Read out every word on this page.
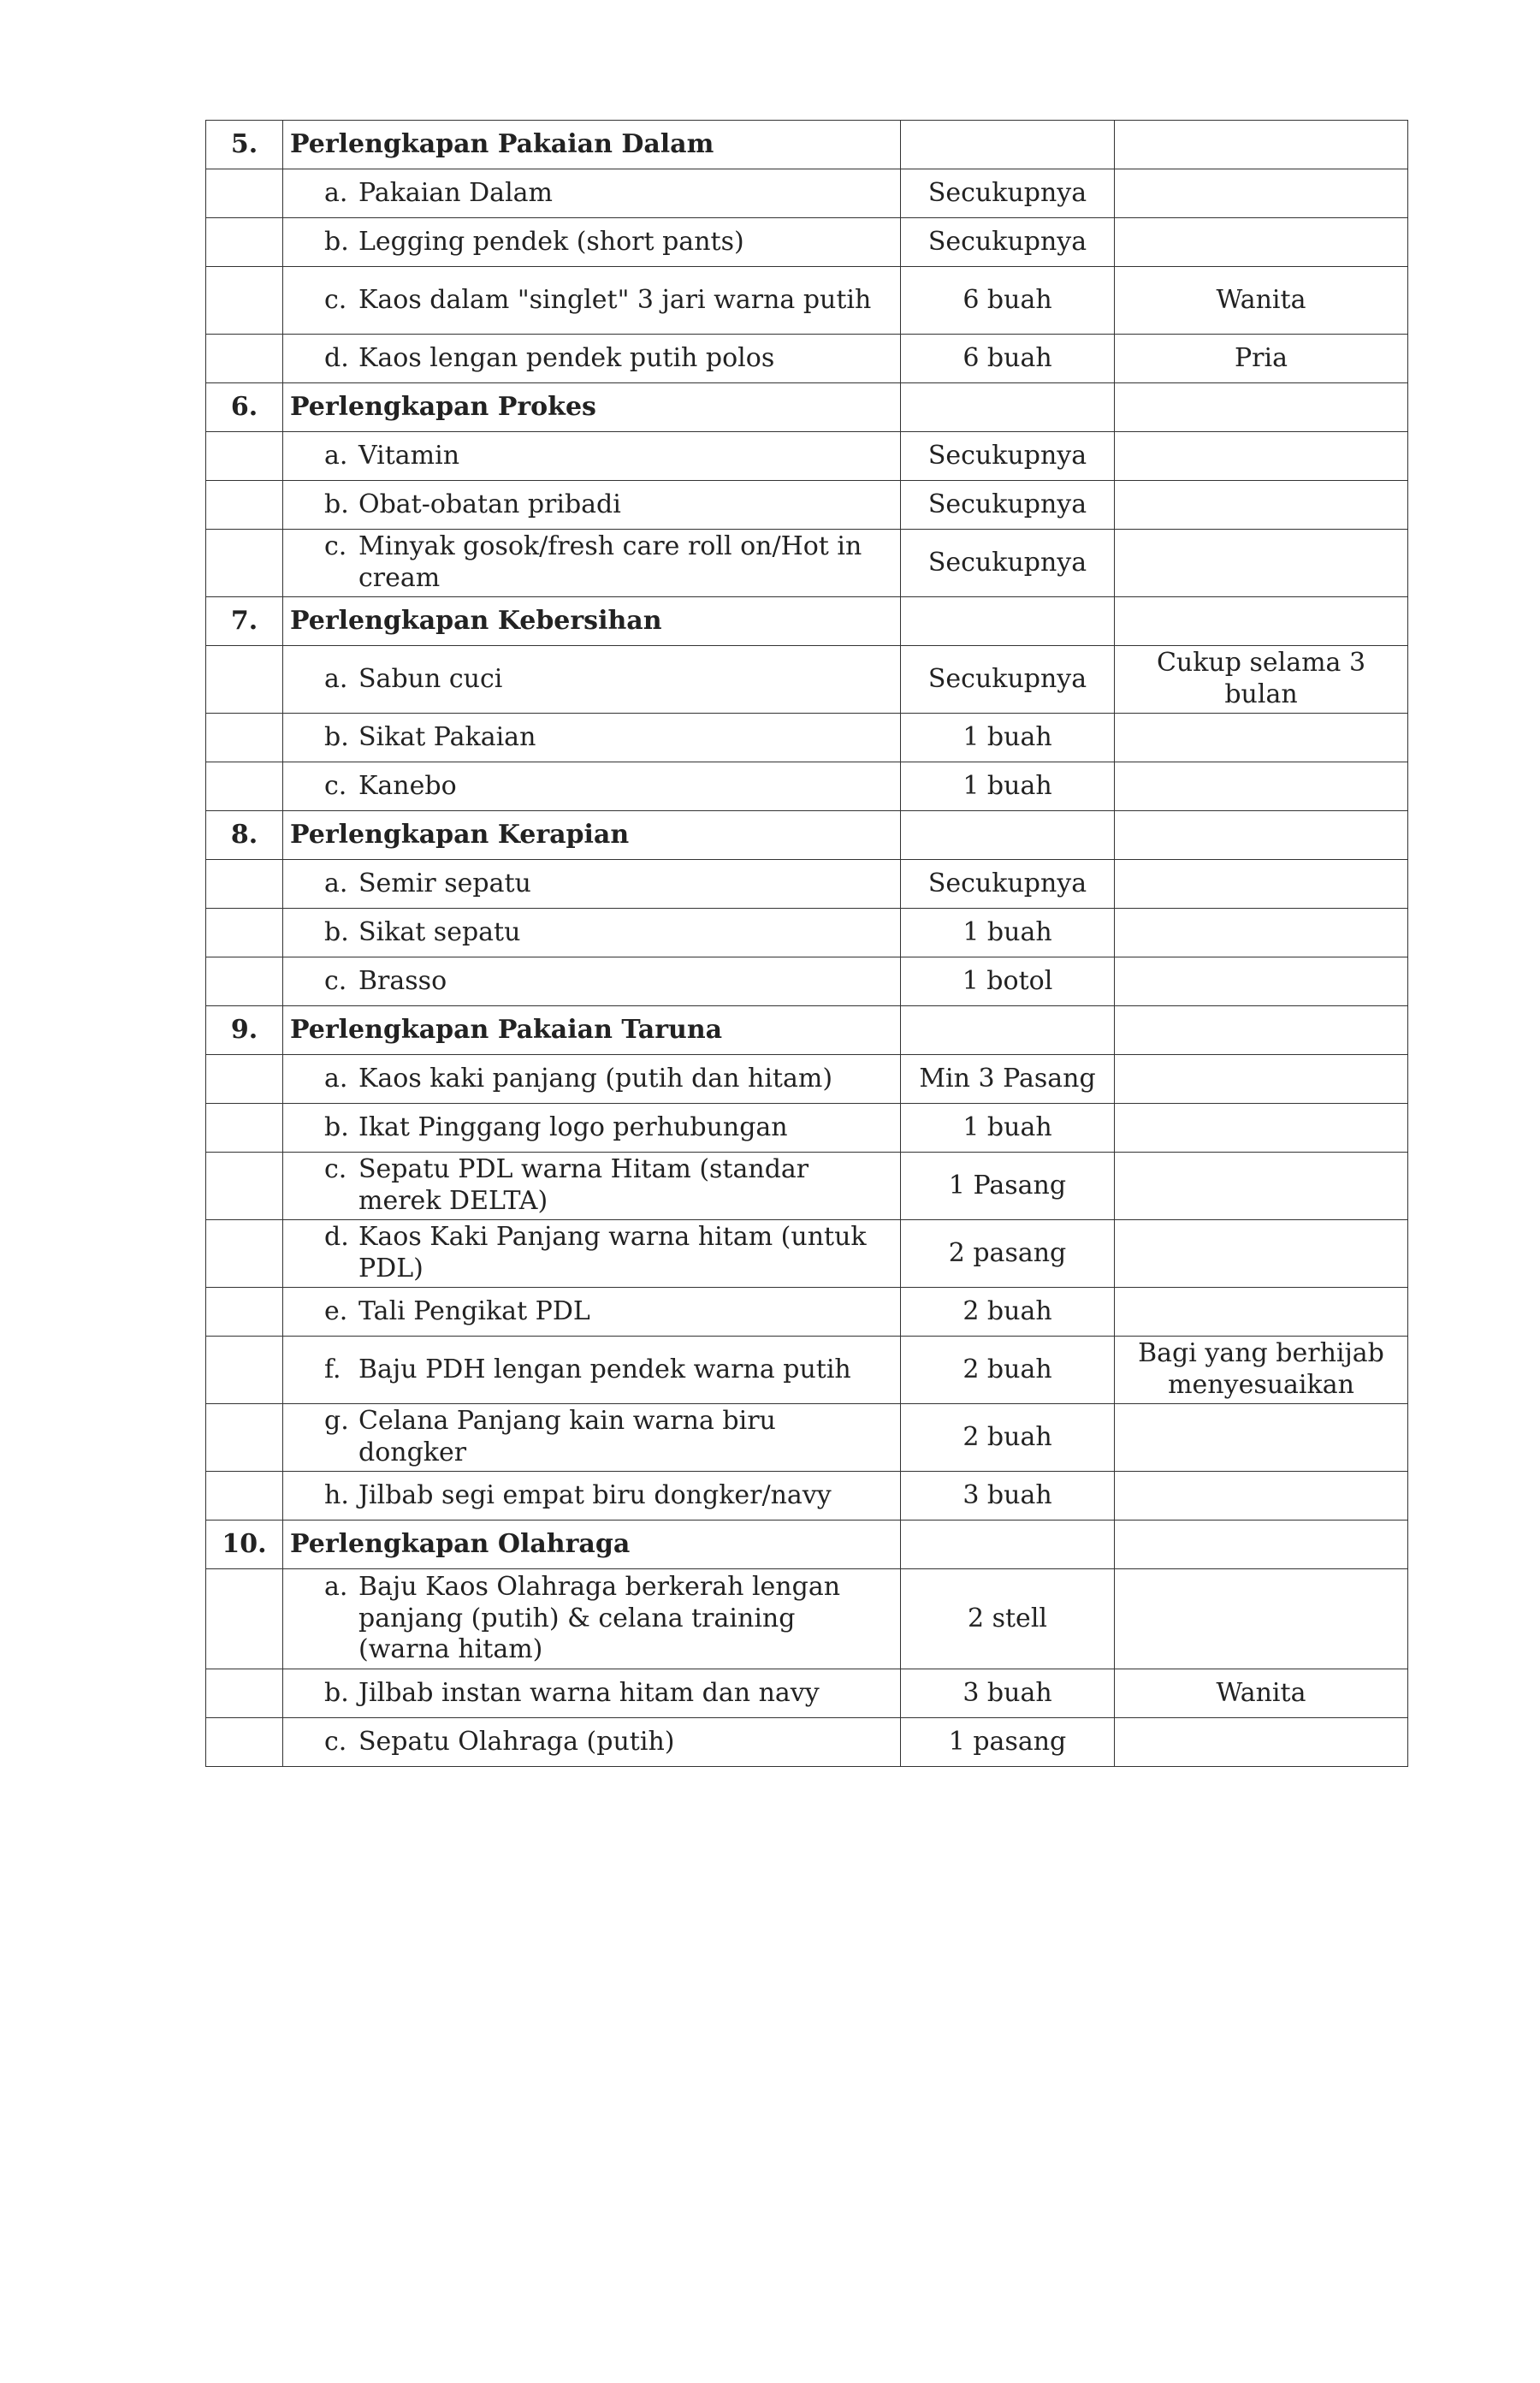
5.	Perlengkapan Pakaian Dalam		
	a. Pakaian Dalam	Secukupnya	
	b. Legging pendek (short pants)	Secukupnya	
	c. Kaos dalam "singlet" 3 jari warna putih	6 buah	Wanita
	d. Kaos lengan pendek putih polos	6 buah	Pria
6.	Perlengkapan Prokes		
	a. Vitamin	Secukupnya	
	b. Obat-obatan pribadi	Secukupnya	
	c. Minyak gosok/fresh care roll on/Hot in cream	Secukupnya	
7.	Perlengkapan Kebersihan		
	a. Sabun cuci	Secukupnya	Cukup selama 3 bulan
	b. Sikat Pakaian	1 buah	
	c. Kanebo	1 buah	
8.	Perlengkapan Kerapian		
	a. Semir sepatu	Secukupnya	
	b. Sikat sepatu	1 buah	
	c. Brasso	1 botol	
9.	Perlengkapan Pakaian Taruna		
	a. Kaos kaki panjang (putih dan hitam)	Min 3 Pasang	
	b. Ikat Pinggang logo perhubungan	1 buah	
	c. Sepatu PDL warna Hitam (standar merek DELTA)	1 Pasang	
	d. Kaos Kaki Panjang warna hitam (untuk PDL)	2 pasang	
	e. Tali Pengikat PDL	2 buah	
	f. Baju PDH lengan pendek warna putih	2 buah	Bagi yang berhijab menyesuaikan
	g. Celana Panjang kain warna biru dongker	2 buah	
	h. Jilbab segi empat biru dongker/navy	3 buah	
10.	Perlengkapan Olahraga		
	a. Baju Kaos Olahraga berkerah lengan panjang (putih) & celana training (warna hitam)	2 stell	
	b. Jilbab instan warna hitam dan navy	3 buah	Wanita
	c. Sepatu Olahraga (putih)	1 pasang	
